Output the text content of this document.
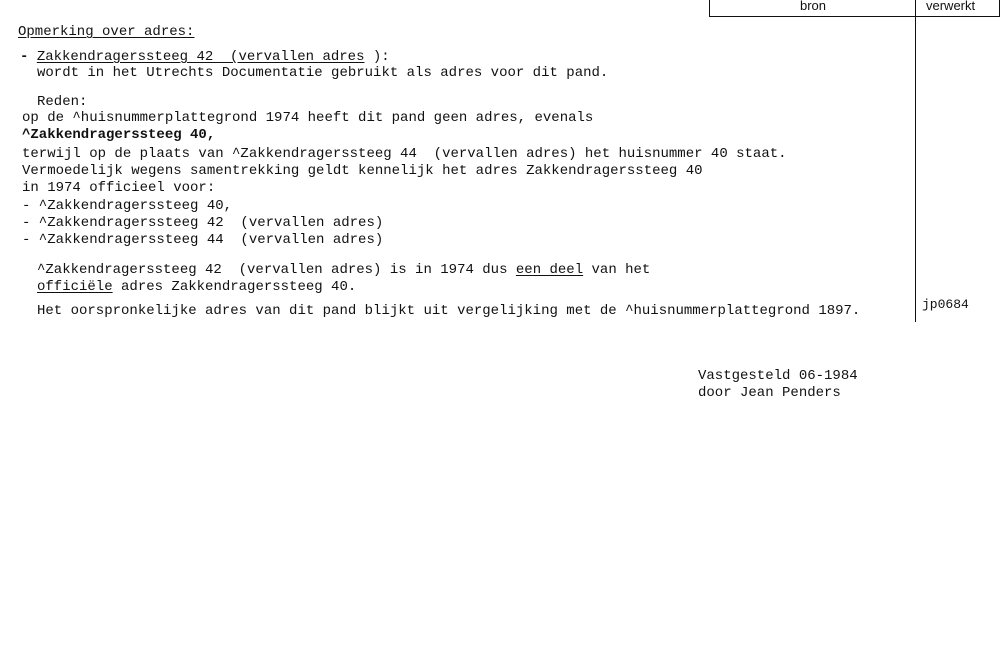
bron	verwerkt
Opmerking over adres:
- Zakkendragerssteeg 42  (vervallen adres ):
wordt in het Utrechts Documentatie gebruikt als adres voor dit pand.
Reden:
op de ^huisnummerplattegrond 1974 heeft dit pand geen adres, evenals
^Zakkendragerssteeg 40,
terwijl op de plaats van ^Zakkendragerssteeg 44  (vervallen adres) het huisnummer 40 staat.
Vermoedelijk wegens samentrekking geldt kennelijk het adres Zakkendragerssteeg 40
in 1974 officieel voor:
- ^Zakkendragerssteeg 40,
- ^Zakkendragerssteeg 42  (vervallen adres)
- ^Zakkendragerssteeg 44  (vervallen adres)
^Zakkendragerssteeg 42  (vervallen adres) is in 1974 dus een deel van het
officiële adres Zakkendragerssteeg 40.
Het oorspronkelijke adres van dit pand blijkt uit vergelijking met de ^huisnummerplattegrond 1897.	jp0684
Vastgesteld 06-1984
door Jean Penders
